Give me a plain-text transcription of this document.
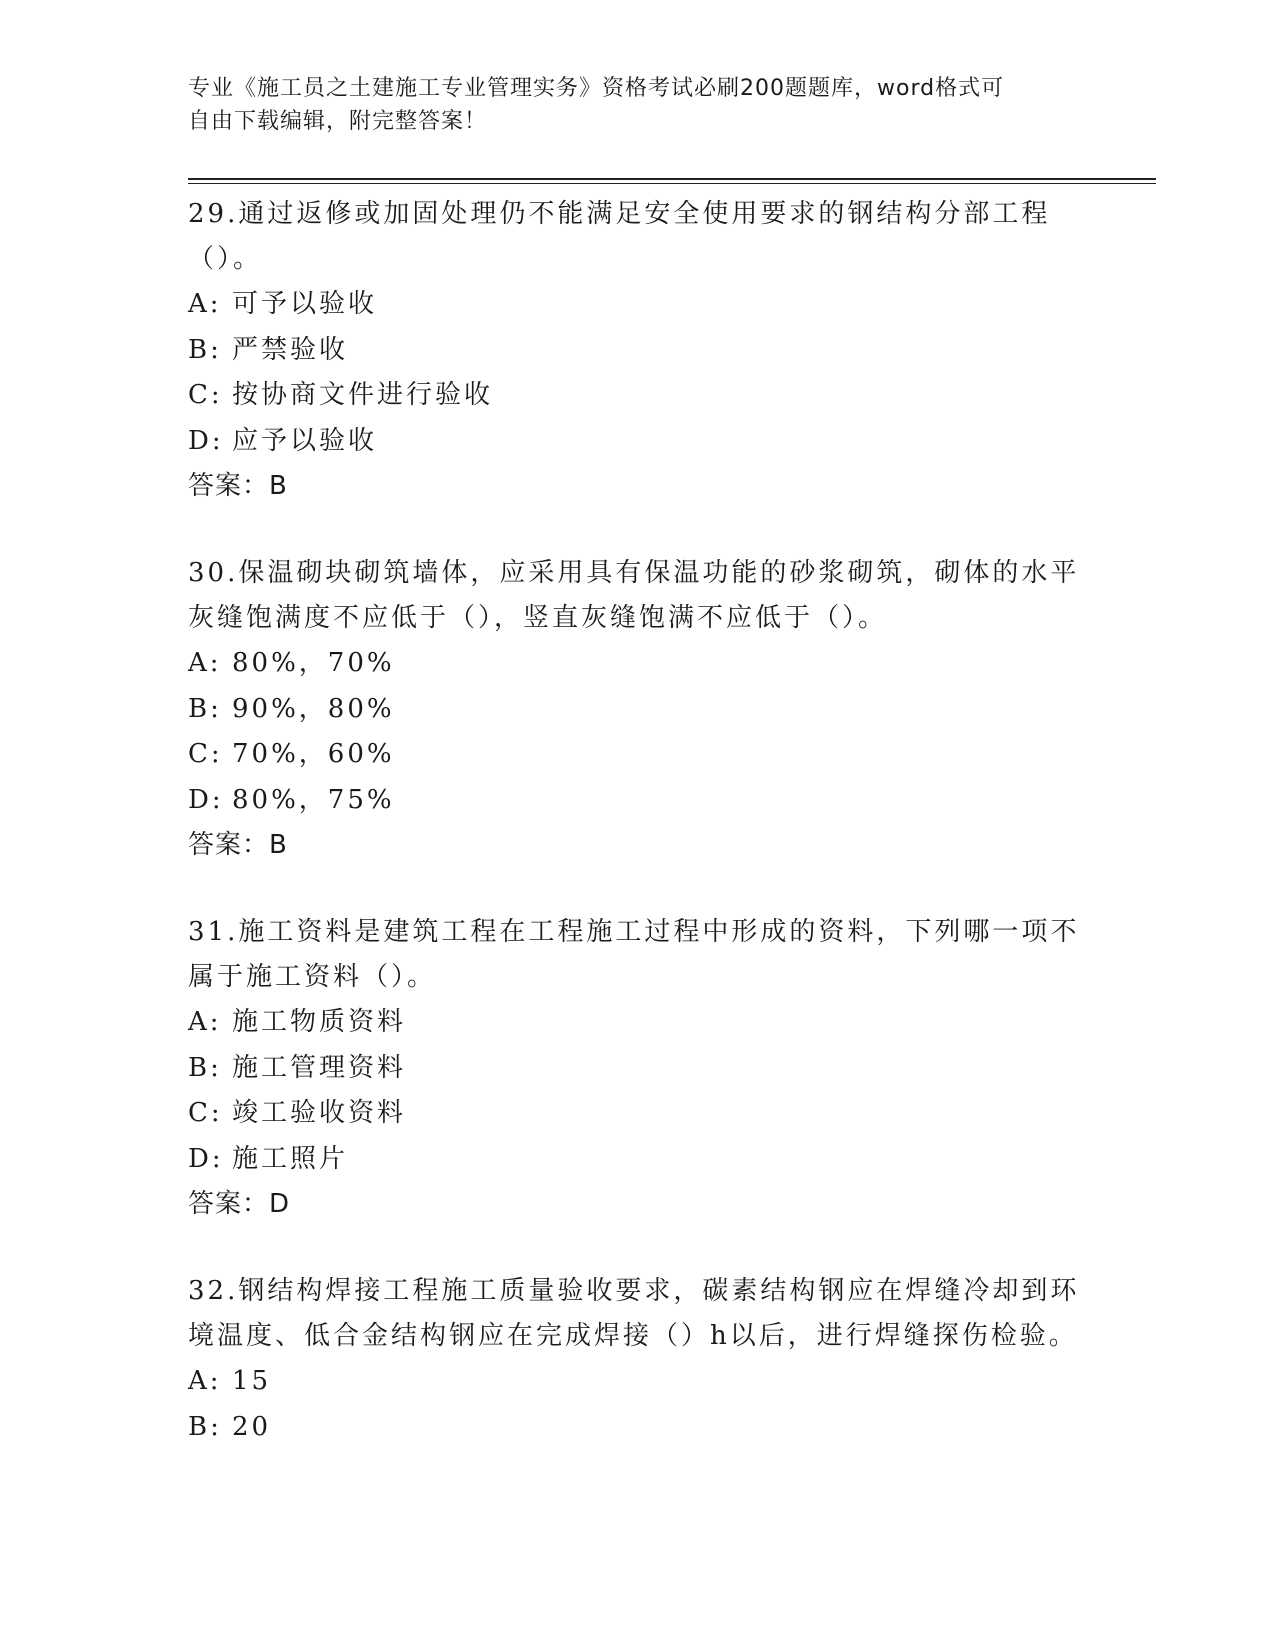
专业《施工员之土建施工专业管理实务》资格考试必刷200题题库，word格式可
自由下载编辑，附完整答案！

29.通过返修或加固处理仍不能满足安全使用要求的钢结构分部工程（）。

A: 可予以验收

B: 严禁验收

C: 按协商文件进行验收

D: 应予以验收

答案：B

30.保温砌块砌筑墙体，应采用具有保温功能的砂浆砌筑，砌体的水平灰缝饱满度不应低于（），竖直灰缝饱满不应低于（）。

A: 80%，70%

B: 90%，80%

C: 70%，60%

D: 80%，75%

答案：B

31.施工资料是建筑工程在工程施工过程中形成的资料，下列哪一项不属于施工资料（）。

A: 施工物质资料

B: 施工管理资料

C: 竣工验收资料

D: 施工照片

答案：D

32.钢结构焊接工程施工质量验收要求，碳素结构钢应在焊缝冷却到环境温度、低合金结构钢应在完成焊接（）h以后，进行焊缝探伤检验。

A: 15

B: 20
